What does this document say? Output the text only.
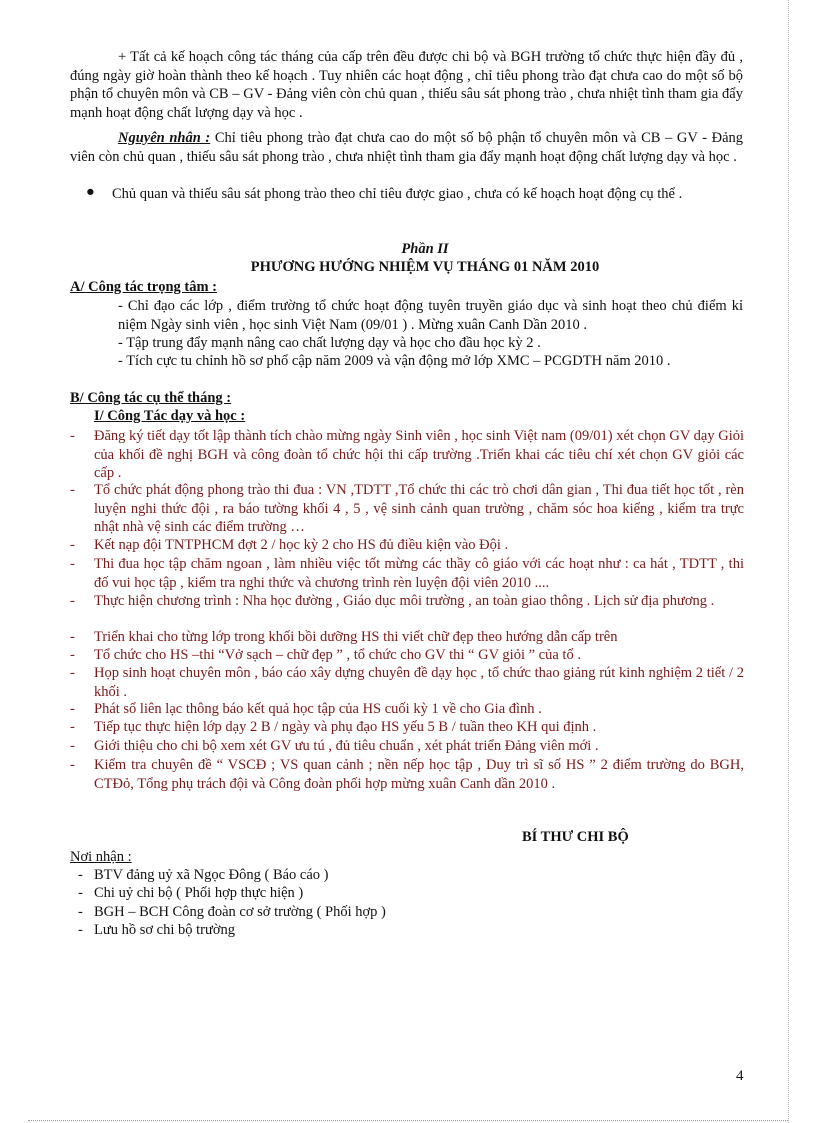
+ Tất cả kế hoạch công tác tháng của cấp trên đều được chi bộ và BGH trường tổ chức thực hiện đầy đủ , đúng ngày giờ hoàn thành theo kế hoạch . Tuy nhiên các hoạt động , chỉ tiêu phong trào đạt chưa cao do một số bộ phận tổ chuyên môn và CB – GV - Đảng viên còn chủ quan , thiếu sâu sát phong trào , chưa nhiệt tình tham gia đẩy mạnh hoạt động chất lượng dạy và học .
Nguyên nhân : Chỉ tiêu phong trào đạt chưa cao do một số bộ phận tổ chuyên môn và CB – GV - Đảng viên còn chủ quan , thiếu sâu sát phong trào , chưa nhiệt tình tham gia đẩy mạnh hoạt động chất lượng dạy và học .
● Chủ quan và thiếu sâu sát phong trào theo chỉ tiêu được giao , chưa có kế hoạch hoạt động cụ thể .
Phần II
PHƯƠNG HƯỚNG NHIỆM VỤ THÁNG 01 NĂM 2010
A/ Công tác trọng tâm :
- Chỉ đạo các lớp , điểm trường tổ chức hoạt động tuyên truyền giáo dục và sinh hoạt theo chủ điểm kỉ niệm Ngày sinh viên , học sinh Việt Nam (09/01 ) . Mừng xuân Canh Dần 2010 .
- Tập trung đẩy mạnh nâng cao chất lượng dạy và học cho đầu học kỳ 2 .
- Tích cực tu chỉnh hồ sơ phổ cập năm 2009 và vận động mở lớp XMC – PCGDTH năm 2010 .
B/ Công tác cụ thể tháng :
I/ Công Tác dạy và học :
- Đăng ký tiết dạy tốt lập thành tích chào mừng ngày Sinh viên , học sinh Việt nam (09/01) xét chọn GV dạy Giỏi của khối đề nghị BGH và công đoàn tổ chức hội thi cấp trường .Triển khai các tiêu chí xét chọn GV giỏi các cấp .
- Tổ chức phát động phong trào thi đua : VN ,TDTT ,Tổ chức thi các trò chơi dân gian , Thi đua tiết học tốt , rèn luyện nghi thức đội , ra báo tường khối 4 , 5 , vệ sinh cảnh quan trường , chăm sóc hoa kiểng , kiểm tra trực nhật nhà vệ sinh các điểm trường …
- Kết nạp đội TNTPHCM đợt 2 / học kỳ 2 cho HS đủ điều kiện vào Đội .
- Thi đua học tập chăm ngoan , làm nhiều việc tốt mừng các thầy cô giáo với các hoạt như : ca hát , TDTT , thi đố vui học tập , kiểm tra nghi thức và chương trình rèn luyện đội viên 2010 ....
- Thực hiện chương trình : Nha học đường , Giáo dục môi trường , an toàn giao thông . Lịch sử địa phương .
- Triển khai cho từng lớp trong khối bồi dưỡng HS thi viết chữ đẹp theo hướng dẫn cấp trên
- Tổ chức cho HS –thi “Vở sạch – chữ đẹp ” , tổ chức cho GV thi “ GV giỏi ” của tổ .
- Họp sinh hoạt chuyên môn , báo cáo xây dựng chuyên đề dạy học , tổ chức thao giảng rút kinh nghiệm 2 tiết / 2 khối .
- Phát sổ liên lạc thông báo kết quả học tập của HS cuối kỳ 1 về cho Gia đình .
- Tiếp tục thực hiện lớp dạy 2 B / ngày và phụ đạo HS yếu 5 B / tuần theo KH qui định .
- Giới thiệu cho chi bộ xem xét GV ưu tú , đủ tiêu chuẩn , xét phát triển Đảng viên mới .
- Kiểm tra chuyên đề “ VSCĐ ; VS quan cảnh ; nền nếp học tập , Duy trì sĩ số HS ” 2 điểm trường do BGH, CTĐỏ, Tổng phụ trách đội và Công đoàn phối hợp mừng xuân Canh dần 2010 .
BÍ THƯ CHI BỘ
Nơi nhận :
- BTV đảng uỷ xã Ngọc Đông ( Báo cáo )
- Chi uỷ chi bộ ( Phối hợp thực hiện )
- BGH – BCH Công đoàn cơ sở trường ( Phối hợp )
- Lưu hồ sơ chi bộ trường
4
